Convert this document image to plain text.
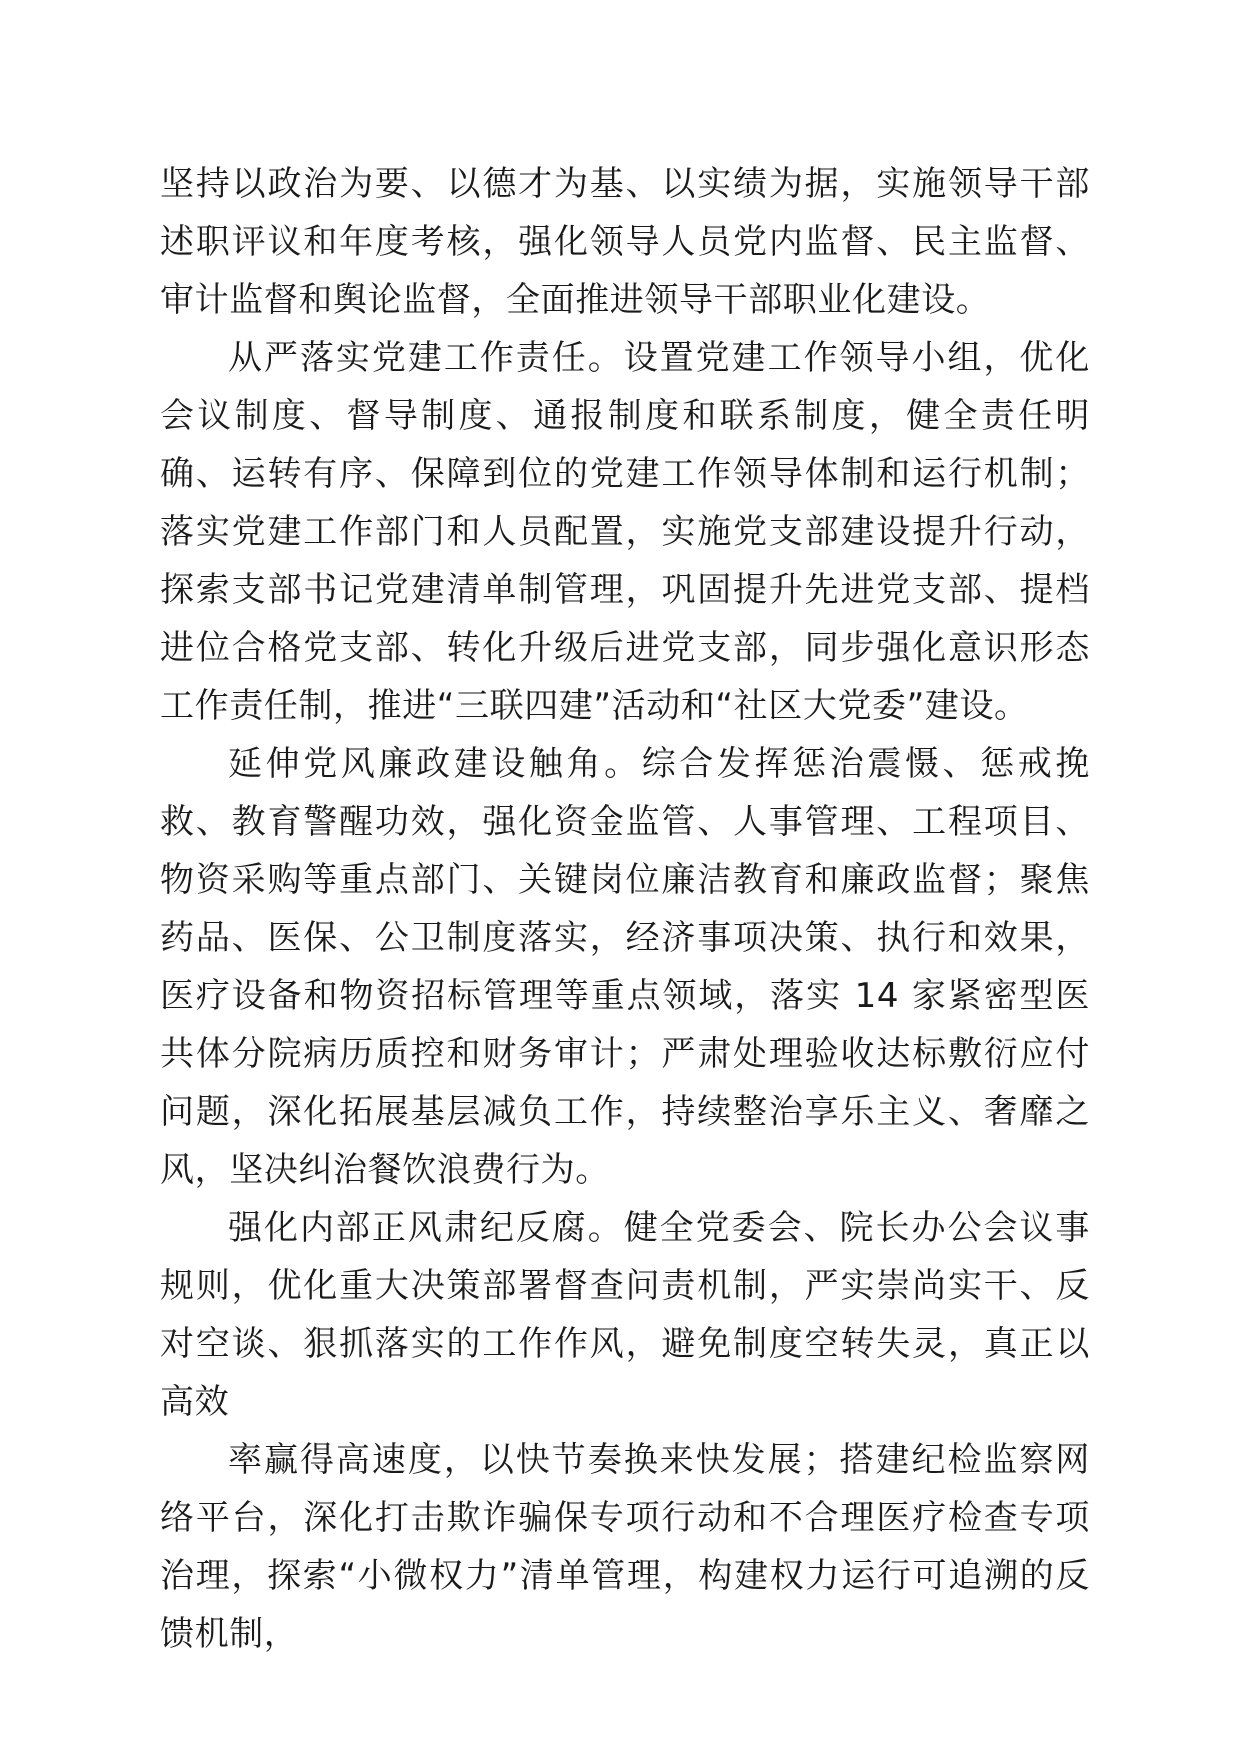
坚持以政治为要、以德才为基、以实绩为据，实施领导干部述职评议和年度考核，强化领导人员党内监督、民主监督、审计监督和舆论监督，全面推进领导干部职业化建设。

从严落实党建工作责任。设置党建工作领导小组，优化会议制度、督导制度、通报制度和联系制度，健全责任明确、运转有序、保障到位的党建工作领导体制和运行机制；落实党建工作部门和人员配置，实施党支部建设提升行动，探索支部书记党建清单制管理，巩固提升先进党支部、提档进位合格党支部、转化升级后进党支部，同步强化意识形态工作责任制，推进“三联四建”活动和“社区大党委”建设。

延伸党风廉政建设触角。综合发挥惩治震慑、惩戒挽救、教育警醒功效，强化资金监管、人事管理、工程项目、物资采购等重点部门、关键岗位廉洁教育和廉政监督；聚焦药品、医保、公卫制度落实，经济事项决策、执行和效果，医疗设备和物资招标管理等重点领域，落实 14 家紧密型医共体分院病历质控和财务审计；严肃处理验收达标敷衍应付问题，深化拓展基层减负工作，持续整治享乐主义、奢靡之风，坚决纠治餐饮浪费行为。

强化内部正风肃纪反腐。健全党委会、院长办公会议事规则，优化重大决策部署督查问责机制，严实崇尚实干、反对空谈、狠抓落实的工作作风，避免制度空转失灵，真正以高效

率赢得高速度，以快节奏换来快发展；搭建纪检监察网络平台，深化打击欺诈骗保专项行动和不合理医疗检查专项治理，探索“小微权力”清单管理，构建权力运行可追溯的反馈机制，
